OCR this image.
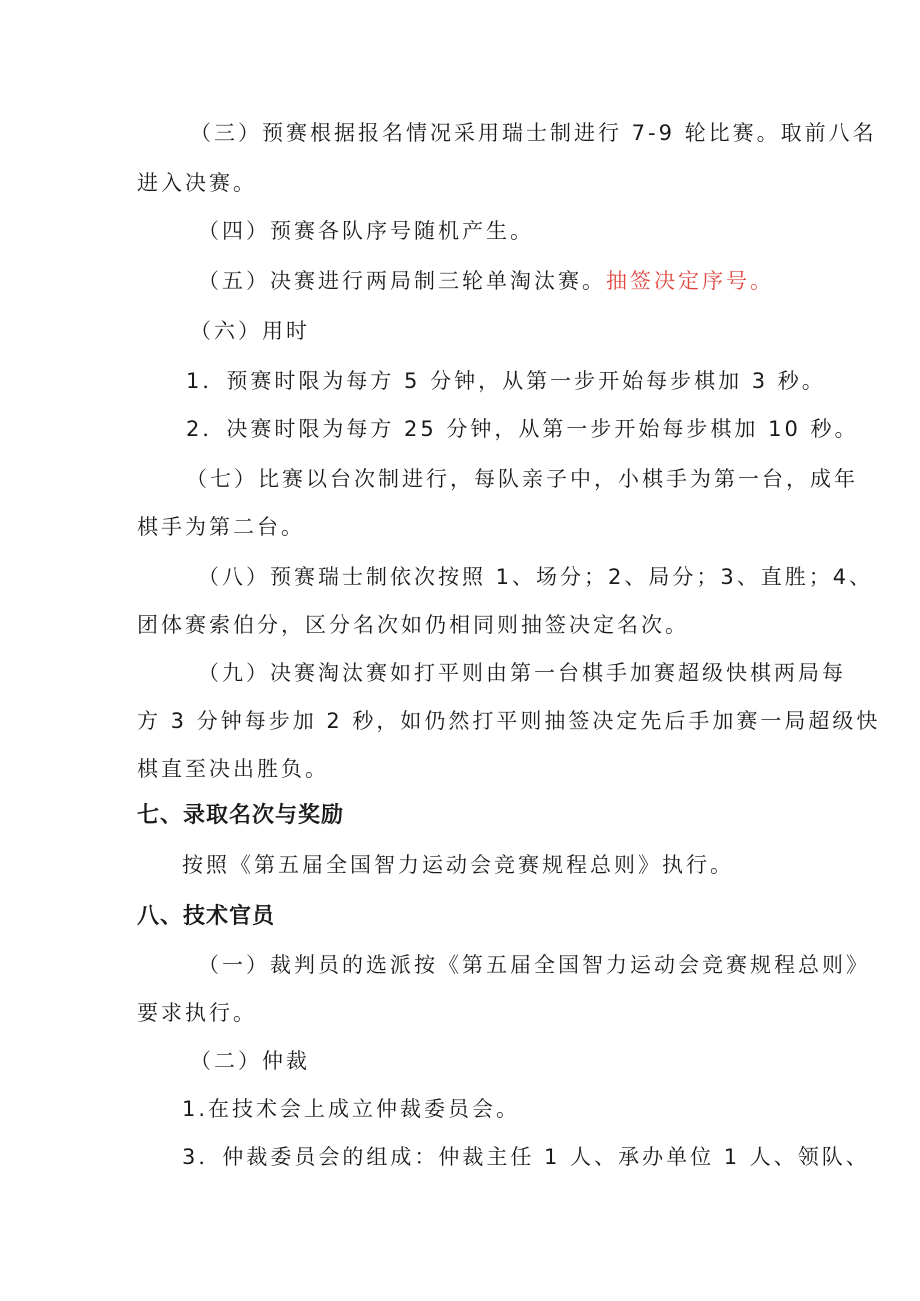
（三）预赛根据报名情况采用瑞士制进行 7-9 轮比赛。取前八名
进入决赛。
（四）预赛各队序号随机产生。
（五）决赛进行两局制三轮单淘汰赛。抽签决定序号。
（六）用时
1．预赛时限为每方 5 分钟，从第一步开始每步棋加 3 秒。
2．决赛时限为每方 25 分钟，从第一步开始每步棋加 10 秒。
（七）比赛以台次制进行，每队亲子中，小棋手为第一台，成年
棋手为第二台。
（八）预赛瑞士制依次按照 1、场分；2、局分；3、直胜；4、
团体赛索伯分，区分名次如仍相同则抽签决定名次。
（九）决赛淘汰赛如打平则由第一台棋手加赛超级快棋两局每
方 3 分钟每步加 2 秒，如仍然打平则抽签决定先后手加赛一局超级快
棋直至决出胜负。
七、录取名次与奖励
按照《第五届全国智力运动会竞赛规程总则》执行。
八、技术官员
（一）裁判员的选派按《第五届全国智力运动会竞赛规程总则》
要求执行。
（二）仲裁
1.在技术会上成立仲裁委员会。
3．仲裁委员会的组成：仲裁主任 1 人、承办单位 1 人、领队、
